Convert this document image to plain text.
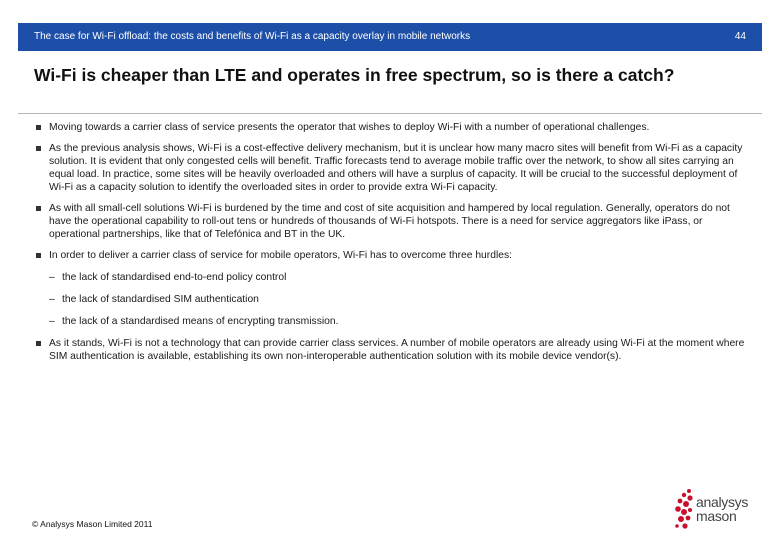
The case for Wi-Fi offload: the costs and benefits of Wi-Fi as a capacity overlay in mobile networks	44
Wi-Fi is cheaper than LTE and operates in free spectrum, so is there a catch?
Moving towards a carrier class of service presents the operator that wishes to deploy Wi-Fi with a number of operational challenges.
As the previous analysis shows, Wi-Fi is a cost-effective delivery mechanism, but it is unclear how many macro sites will benefit from Wi-Fi as a capacity solution. It is evident that only congested cells will benefit. Traffic forecasts tend to average mobile traffic over the network, to show all sites carrying an equal load. In practice, some sites will be heavily overloaded and others will have a surplus of capacity. It will be crucial to the successful deployment of Wi-Fi as a capacity solution to identify the overloaded sites in order to provide extra Wi-Fi capacity.
As with all small-cell solutions Wi-Fi is burdened by the time and cost of site acquisition and hampered by local regulation. Generally, operators do not have the operational capability to roll-out tens or hundreds of thousands of Wi-Fi hotspots. There is a need for service aggregators like iPass, or operational partnerships, like that of Telefónica and BT in the UK.
In order to deliver a carrier class of service for mobile operators, Wi-Fi has to overcome three hurdles:
– the lack of standardised end-to-end policy control
– the lack of standardised SIM authentication
– the lack of a standardised means of encrypting transmission.
As it stands, Wi-Fi is not a technology that can provide carrier class services. A number of mobile operators are already using Wi-Fi at the moment where SIM authentication is available, establishing its own non-interoperable authentication solution with its mobile device vendor(s).
© Analysys Mason Limited 2011
analysys
mason
